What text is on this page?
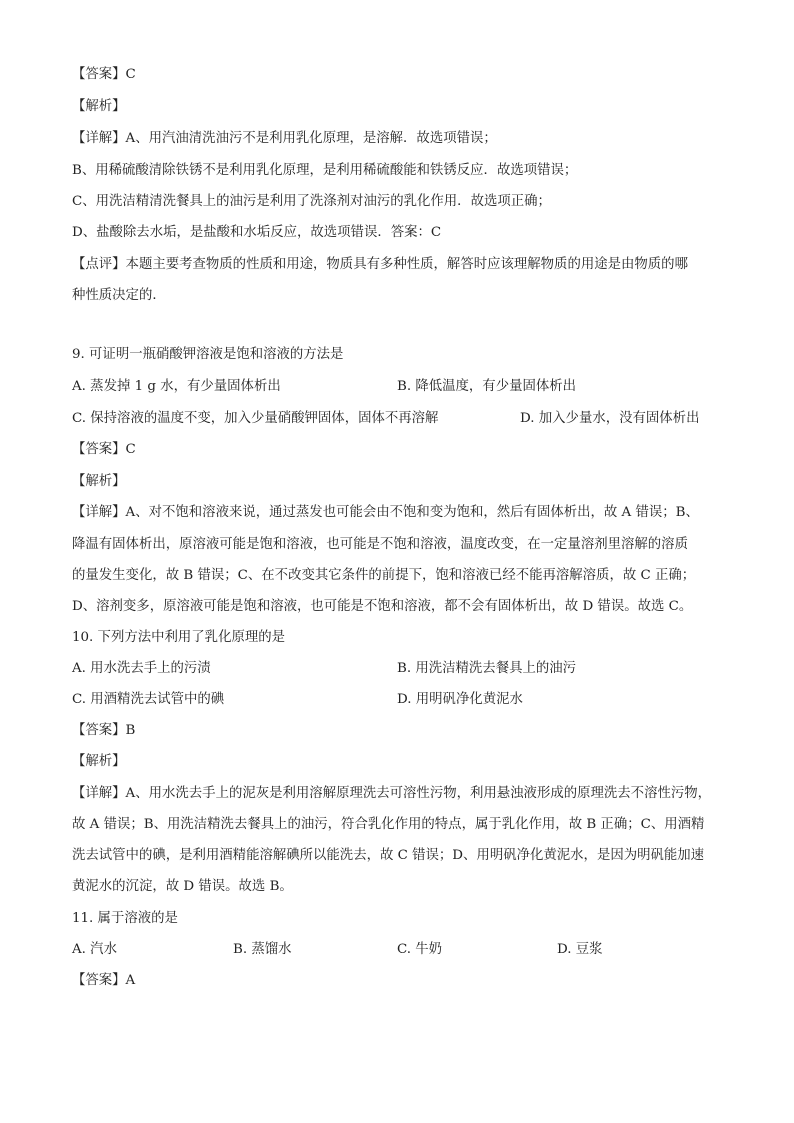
【答案】C
【解析】
【详解】A、用汽油清洗油污不是利用乳化原理，是溶解．故选项错误；
B、用稀硫酸清除铁锈不是利用乳化原理，是利用稀硫酸能和铁锈反应．故选项错误；
C、用洗洁精清洗餐具上的油污是利用了洗涤剂对油污的乳化作用．故选项正确；
D、盐酸除去水垢，是盐酸和水垢反应，故选项错误．答案：C
【点评】本题主要考查物质的性质和用途，物质具有多种性质，解答时应该理解物质的用途是由物质的哪
种性质决定的．
9. 可证明一瓶硝酸钾溶液是饱和溶液的方法是
A. 蒸发掉 1 g 水，有少量固体析出	B. 降低温度，有少量固体析出
C. 保持溶液的温度不变，加入少量硝酸钾固体，固体不再溶解	D. 加入少量水，没有固体析出
【答案】C
【解析】
【详解】A、对不饱和溶液来说，通过蒸发也可能会由不饱和变为饱和，然后有固体析出，故 A 错误；B、
降温有固体析出，原溶液可能是饱和溶液，也可能是不饱和溶液，温度改变，在一定量溶剂里溶解的溶质
的量发生变化，故 B 错误；C、在不改变其它条件的前提下，饱和溶液已经不能再溶解溶质，故 C 正确；
D、溶剂变多，原溶液可能是饱和溶液，也可能是不饱和溶液，都不会有固体析出，故 D 错误。故选 C。
10. 下列方法中利用了乳化原理的是
A. 用水洗去手上的污渍	B. 用洗洁精洗去餐具上的油污
C. 用酒精洗去试管中的碘	D. 用明矾净化黄泥水
【答案】B
【解析】
【详解】A、用水洗去手上的泥灰是利用溶解原理洗去可溶性污物，利用悬浊液形成的原理洗去不溶性污物，
故 A 错误；B、用洗洁精洗去餐具上的油污，符合乳化作用的特点，属于乳化作用，故 B 正确；C、用酒精
洗去试管中的碘，是利用酒精能溶解碘所以能洗去，故 C 错误；D、用明矾净化黄泥水，是因为明矾能加速
黄泥水的沉淀，故 D 错误。故选 B。
11. 属于溶液的是
A. 汽水	B. 蒸馏水	C. 牛奶	D. 豆浆
【答案】A
